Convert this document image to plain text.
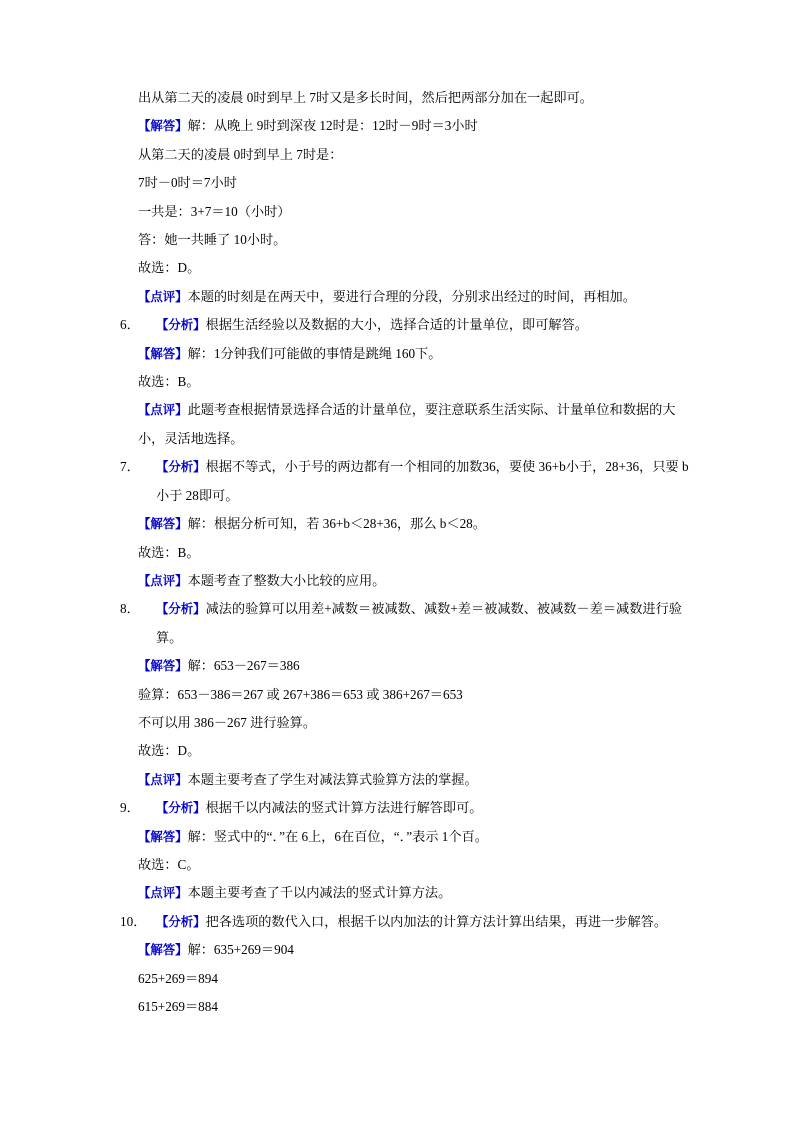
出从第二天的凌晨 0时到早上 7时又是多长时间，然后把两部分加在一起即可。
【解答】解：从晚上 9时到深夜 12时是：12时－9时＝3小时
从第二天的凌晨 0时到早上 7时是：
7时－0时＝7小时
一共是：3+7＝10（小时）
答：她一共睡了 10小时。
故选：D。
【点评】本题的时刻是在两天中，要进行合理的分段，分别求出经过的时间，再相加。
6．	【分析】根据生活经验以及数据的大小，选择合适的计量单位，即可解答。
【解答】解：1分钟我们可能做的事情是跳绳 160下。
故选：B。
【点评】此题考查根据情景选择合适的计量单位，要注意联系生活实际、计量单位和数据的大小，灵活地选择。
7．	【分析】根据不等式，小于号的两边都有一个相同的加数36，要使 36+b小于，28+36，只要 b小于 28即可。
【解答】解：根据分析可知，若 36+b＜28+36，那么 b＜28。
故选：B。
【点评】本题考查了整数大小比较的应用。
8．	【分析】减法的验算可以用差+减数＝被减数、减数+差＝被减数、被减数－差＝减数进行验算。
【解答】解：653－267＝386
验算：653－386＝267 或 267+386＝653 或 386+267＝653
不可以用 386－267 进行验算。
故选：D。
【点评】本题主要考查了学生对减法算式验算方法的掌握。
9．	【分析】根据千以内减法的竖式计算方法进行解答即可。
【解答】解：竖式中的“．”在 6上，6在百位，“．”表示 1个百。
故选：C。
【点评】本题主要考查了千以内减法的竖式计算方法。
10． 【分析】把各选项的数代入口，根据千以内加法的计算方法计算出结果，再进一步解答。
【解答】解：635+269＝904
625+269＝894
615+269＝884
